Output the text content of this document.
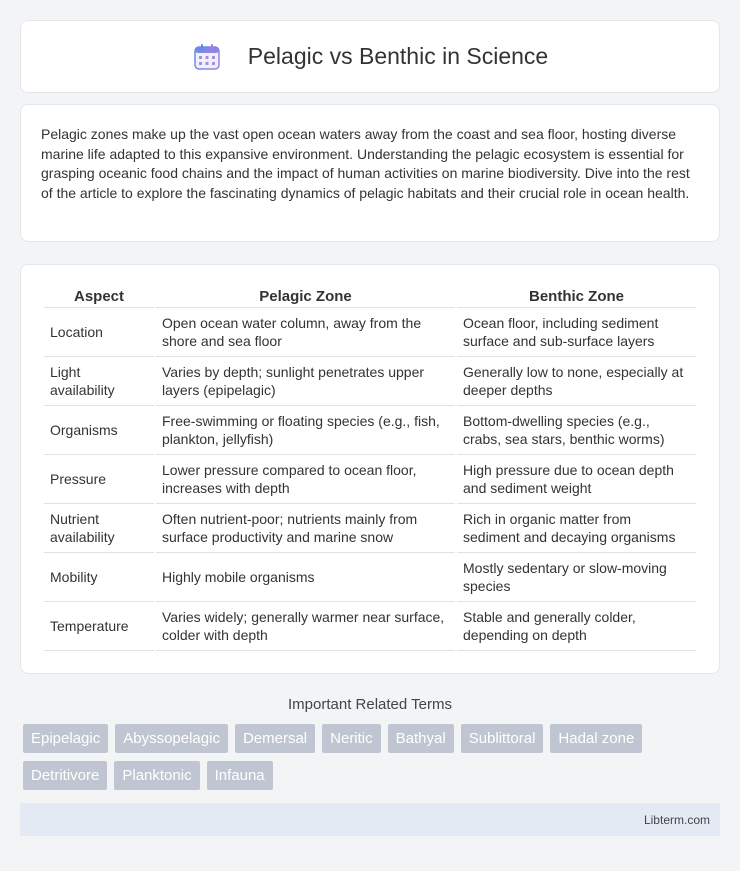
Pelagic vs Benthic in Science

Pelagic zones make up the vast open ocean waters away from the coast and sea floor, hosting diverse marine life adapted to this expansive environment. Understanding the pelagic ecosystem is essential for grasping oceanic food chains and the impact of human activities on marine biodiversity. Dive into the rest of the article to explore the fascinating dynamics of pelagic habitats and their crucial role in ocean health.

Aspect	Pelagic Zone	Benthic Zone
Location	Open ocean water column, away from the shore and sea floor	Ocean floor, including sediment surface and sub-surface layers
Light availability	Varies by depth; sunlight penetrates upper layers (epipelagic)	Generally low to none, especially at deeper depths
Organisms	Free-swimming or floating species (e.g., fish, plankton, jellyfish)	Bottom-dwelling species (e.g., crabs, sea stars, benthic worms)
Pressure	Lower pressure compared to ocean floor, increases with depth	High pressure due to ocean depth and sediment weight
Nutrient availability	Often nutrient-poor; nutrients mainly from surface productivity and marine snow	Rich in organic matter from sediment and decaying organisms
Mobility	Highly mobile organisms	Mostly sedentary or slow-moving species
Temperature	Varies widely; generally warmer near surface, colder with depth	Stable and generally colder, depending on depth
Important Related Terms
Epipelagic	Abyssopelagic	Demersal	Neritic	Bathyal	Sublittoral	Hadal zone
Detritivore	Planktonic	Infauna
Libterm.com
